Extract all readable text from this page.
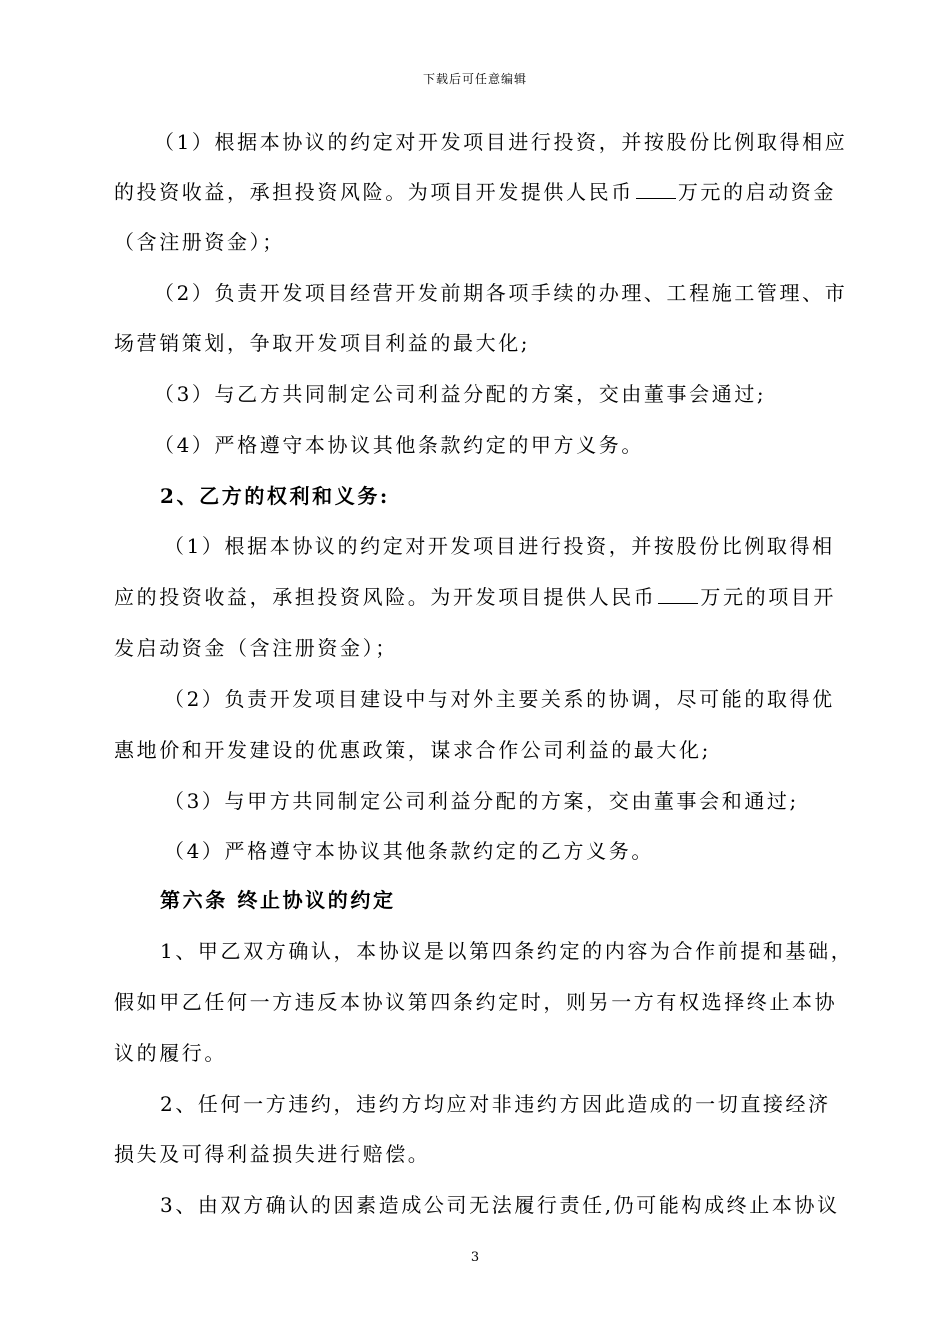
下载后可任意编辑
（1）根据本协议的约定对开发项目进行投资，并按股份比例取得相应
的投资收益，承担投资风险。为项目开发提供人民币 万元的启动资金
（含注册资金）；
（2）负责开发项目经营开发前期各项手续的办理、工程施工管理、市
场营销策划，争取开发项目利益的最大化;
（3）与乙方共同制定公司利益分配的方案，交由董事会通过;
（4）严格遵守本协议其他条款约定的甲方义务。
2、乙方的权利和义务:
（1）根据本协议的约定对开发项目进行投资，并按股份比例取得相
应的投资收益，承担投资风险。为开发项目提供人民币 万元的项目开
发启动资金（含注册资金）；
（2）负责开发项目建设中与对外主要关系的协调，尽可能的取得优
惠地价和开发建设的优惠政策，谋求合作公司利益的最大化;
（3）与甲方共同制定公司利益分配的方案，交由董事会和通过;
（4）严格遵守本协议其他条款约定的乙方义务。
第六条 终止协议的约定
1、甲乙双方确认，本协议是以第四条约定的内容为合作前提和基础，
假如甲乙任何一方违反本协议第四条约定时，则另一方有权选择终止本协
议的履行。
2、任何一方违约，违约方均应对非违约方因此造成的一切直接经济
损失及可得利益损失进行赔偿。
3、由双方确认的因素造成公司无法履行责任,仍可能构成终止本协议
3
